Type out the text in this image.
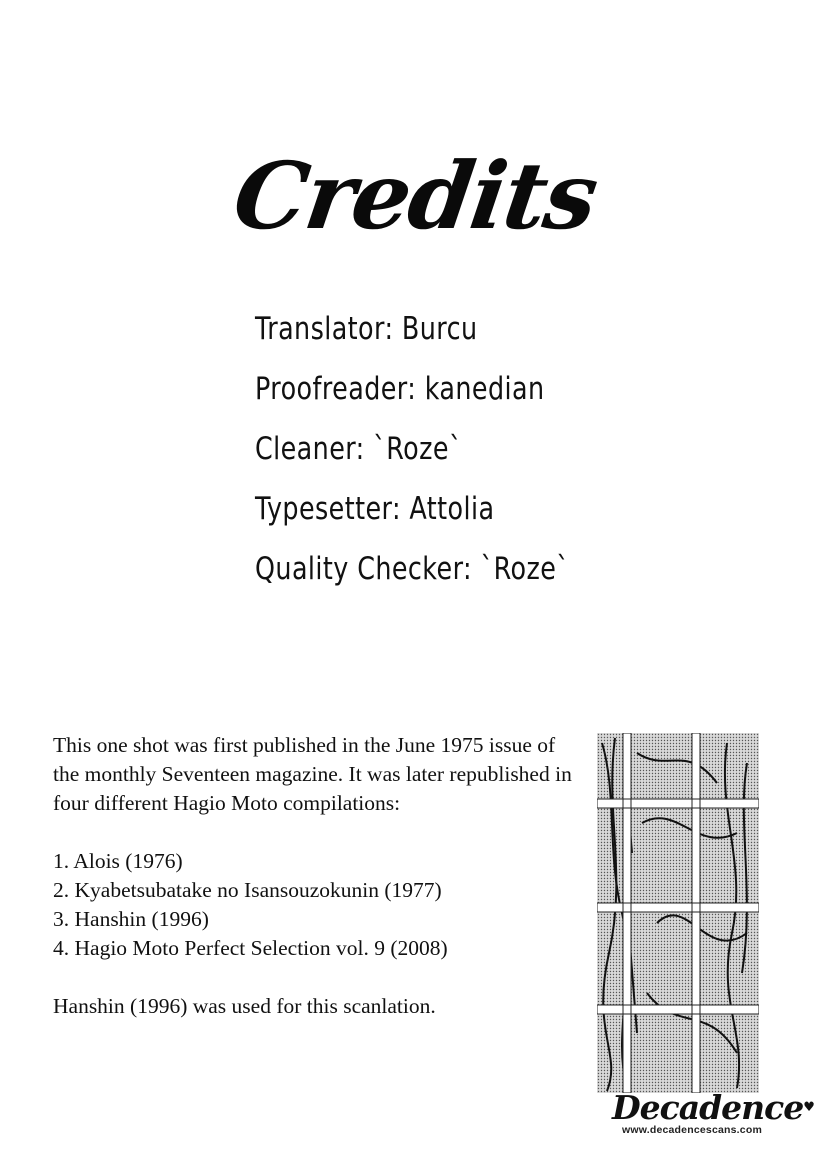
Credits
Translator: Burcu
Proofreader: kanedian
Cleaner: `Roze`
Typesetter: Attolia
Quality Checker: `Roze`

This one shot was first published in the June 1975 issue of the monthly Seventeen magazine. It was later republished in four different Hagio Moto compilations:

1. Alois (1976)
2. Kyabetsubatake no Isansouzokunin (1977)
3. Hanshin (1996)
4. Hagio Moto Perfect Selection vol. 9 (2008)

Hanshin (1996) was used for this scanlation.

Decadence♥
www.decadencescans.com
